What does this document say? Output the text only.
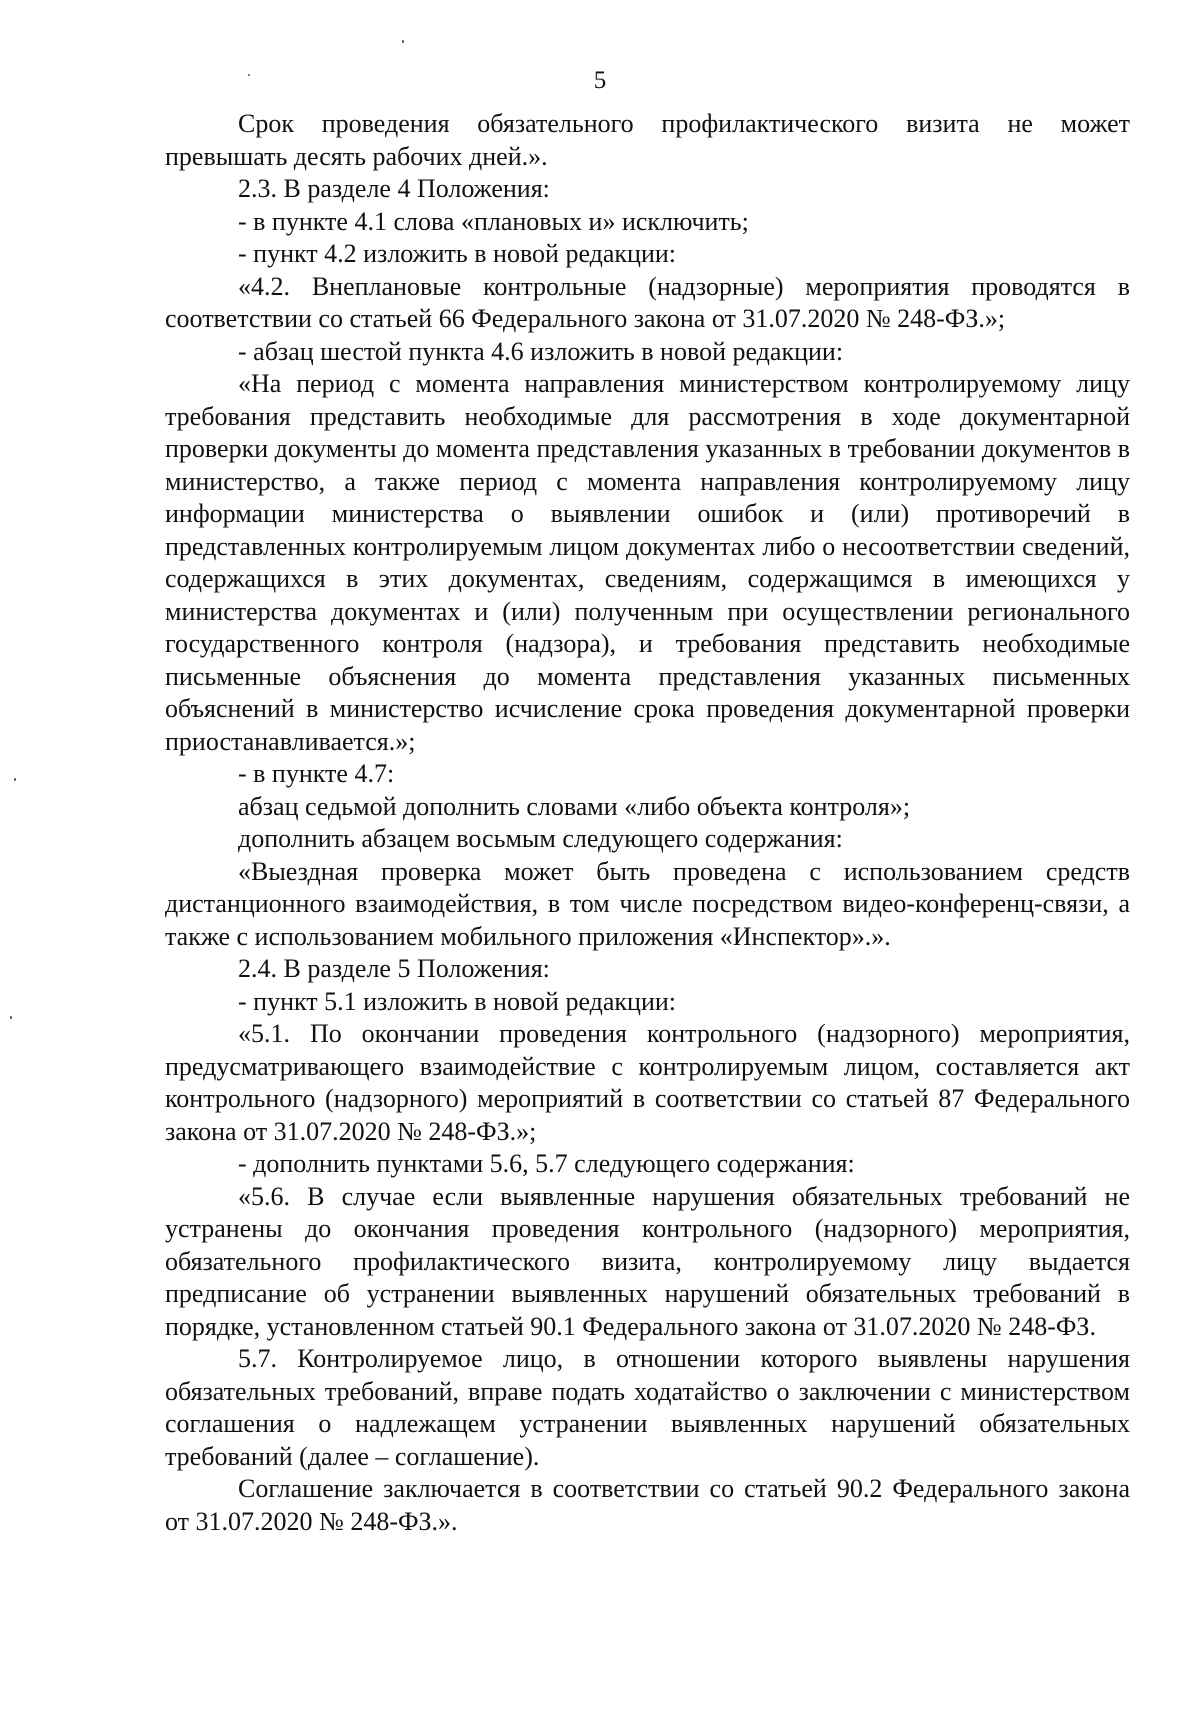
5

Срок проведения обязательного профилактического визита не может превышать десять рабочих дней.».

2.3. В разделе 4 Положения:

- в пункте 4.1 слова «плановых и» исключить;

- пункт 4.2 изложить в новой редакции:

«4.2. Внеплановые контрольные (надзорные) мероприятия проводятся в соответствии со статьей 66 Федерального закона от 31.07.2020 № 248-ФЗ.»;

- абзац шестой пункта 4.6 изложить в новой редакции:

«На период с момента направления министерством контролируемому лицу требования представить необходимые для рассмотрения в ходе документарной проверки документы до момента представления указанных в требовании документов в министерство, а также период с момента направления контролируемому лицу информации министерства о выявлении ошибок и (или) противоречий в представленных контролируемым лицом документах либо о несоответствии сведений, содержащихся в этих документах, сведениям, содержащимся в имеющихся у министерства документах и (или) полученным при осуществлении регионального государственного контроля (надзора), и требования представить необходимые письменные объяснения до момента представления указанных письменных объяснений в министерство исчисление срока проведения документарной проверки приостанавливается.»;

- в пункте 4.7:

абзац седьмой дополнить словами «либо объекта контроля»;

дополнить абзацем восьмым следующего содержания:

«Выездная проверка может быть проведена с использованием средств дистанционного взаимодействия, в том числе посредством видео-конференц-связи, а также с использованием мобильного приложения «Инспектор».».

2.4. В разделе 5 Положения:

- пункт 5.1 изложить в новой редакции:

«5.1. По окончании проведения контрольного (надзорного) мероприятия, предусматривающего взаимодействие с контролируемым лицом, составляется акт контрольного (надзорного) мероприятий в соответствии со статьей 87 Федерального закона от 31.07.2020 № 248-ФЗ.»;

- дополнить пунктами 5.6, 5.7 следующего содержания:

«5.6. В случае если выявленные нарушения обязательных требований не устранены до окончания проведения контрольного (надзорного) мероприятия, обязательного профилактического визита, контролируемому лицу выдается предписание об устранении выявленных нарушений обязательных требований в порядке, установленном статьей 90.1 Федерального закона от 31.07.2020 № 248-ФЗ.

5.7. Контролируемое лицо, в отношении которого выявлены нарушения обязательных требований, вправе подать ходатайство о заключении с министерством соглашения о надлежащем устранении выявленных нарушений обязательных требований (далее – соглашение).

Соглашение заключается в соответствии со статьей 90.2 Федерального закона от 31.07.2020 № 248-ФЗ.».
